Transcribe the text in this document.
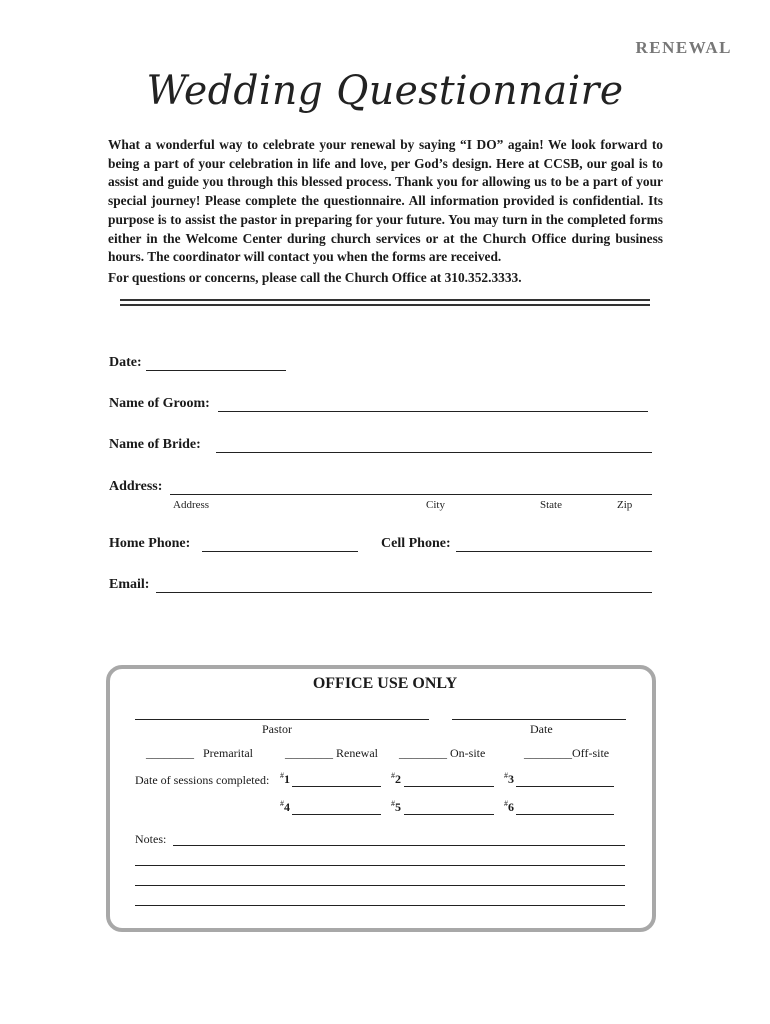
RENEWAL
Wedding Questionnaire

What a wonderful way to celebrate your renewal by saying “I DO” again! We look forward to being a part of your celebration in life and love, per God’s design. Here at CCSB, our goal is to assist and guide you through this blessed process. Thank you for allowing us to be a part of your special journey! Please complete the questionnaire. All information provided is confidential. Its purpose is to assist the pastor in preparing for your future. You may turn in the completed forms either in the Welcome Center during church services or at the Church Office during business hours. The coordinator will contact you when the forms are received.

For questions or concerns, please call the Church Office at 310.352.3333.

Date:
Name of Groom:
Name of Bride:
Address:
Address	City	State	Zip
Home Phone:	Cell Phone:
Email:
OFFICE USE ONLY
Pastor	Date
________ Premarital	________ Renewal ________ On-site	________Off-site
Date of sessions completed: #1	#2	#3
#4	#5	#6
Notes:
